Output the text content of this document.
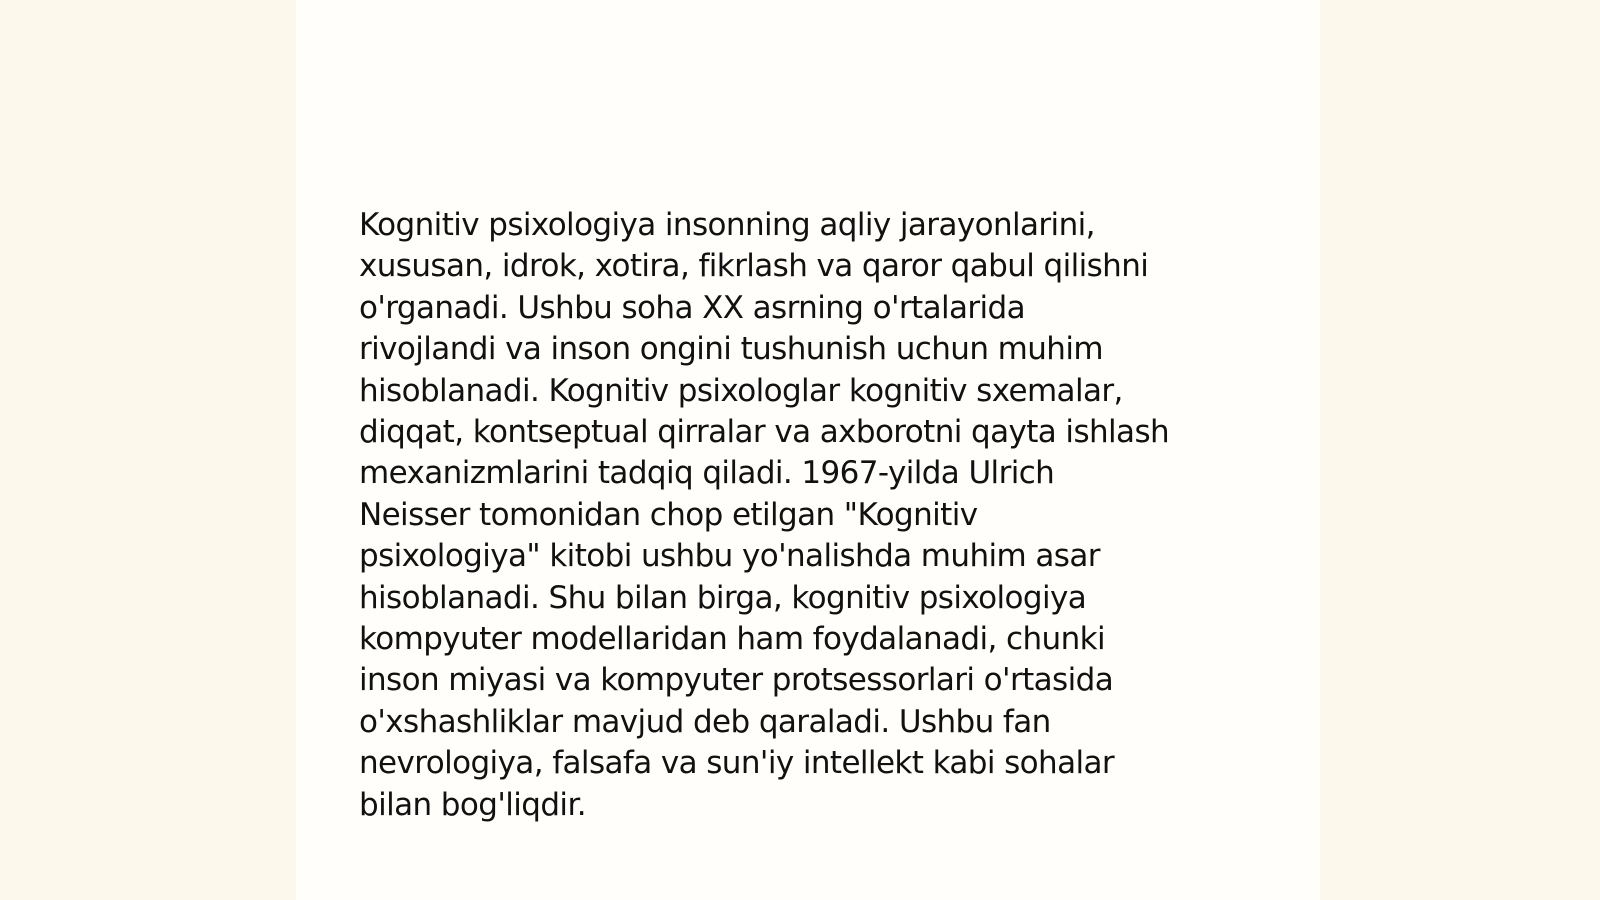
Kognitiv psixologiya insonning aqliy jarayonlarini,
xususan, idrok, xotira, fikrlash va qaror qabul qilishni
o'rganadi. Ushbu soha XX asrning o'rtalarida
rivojlandi va inson ongini tushunish uchun muhim
hisoblanadi. Kognitiv psixologlar kognitiv sxemalar,
diqqat, kontseptual qirralar va axborotni qayta ishlash
mexanizmlarini tadqiq qiladi. 1967-yilda Ulrich
Neisser tomonidan chop etilgan "Kognitiv
psixologiya" kitobi ushbu yo'nalishda muhim asar
hisoblanadi. Shu bilan birga, kognitiv psixologiya
kompyuter modellaridan ham foydalanadi, chunki
inson miyasi va kompyuter protsessorlari o'rtasida
o'xshashliklar mavjud deb qaraladi. Ushbu fan
nevrologiya, falsafa va sun'iy intellekt kabi sohalar
bilan bog'liqdir.
